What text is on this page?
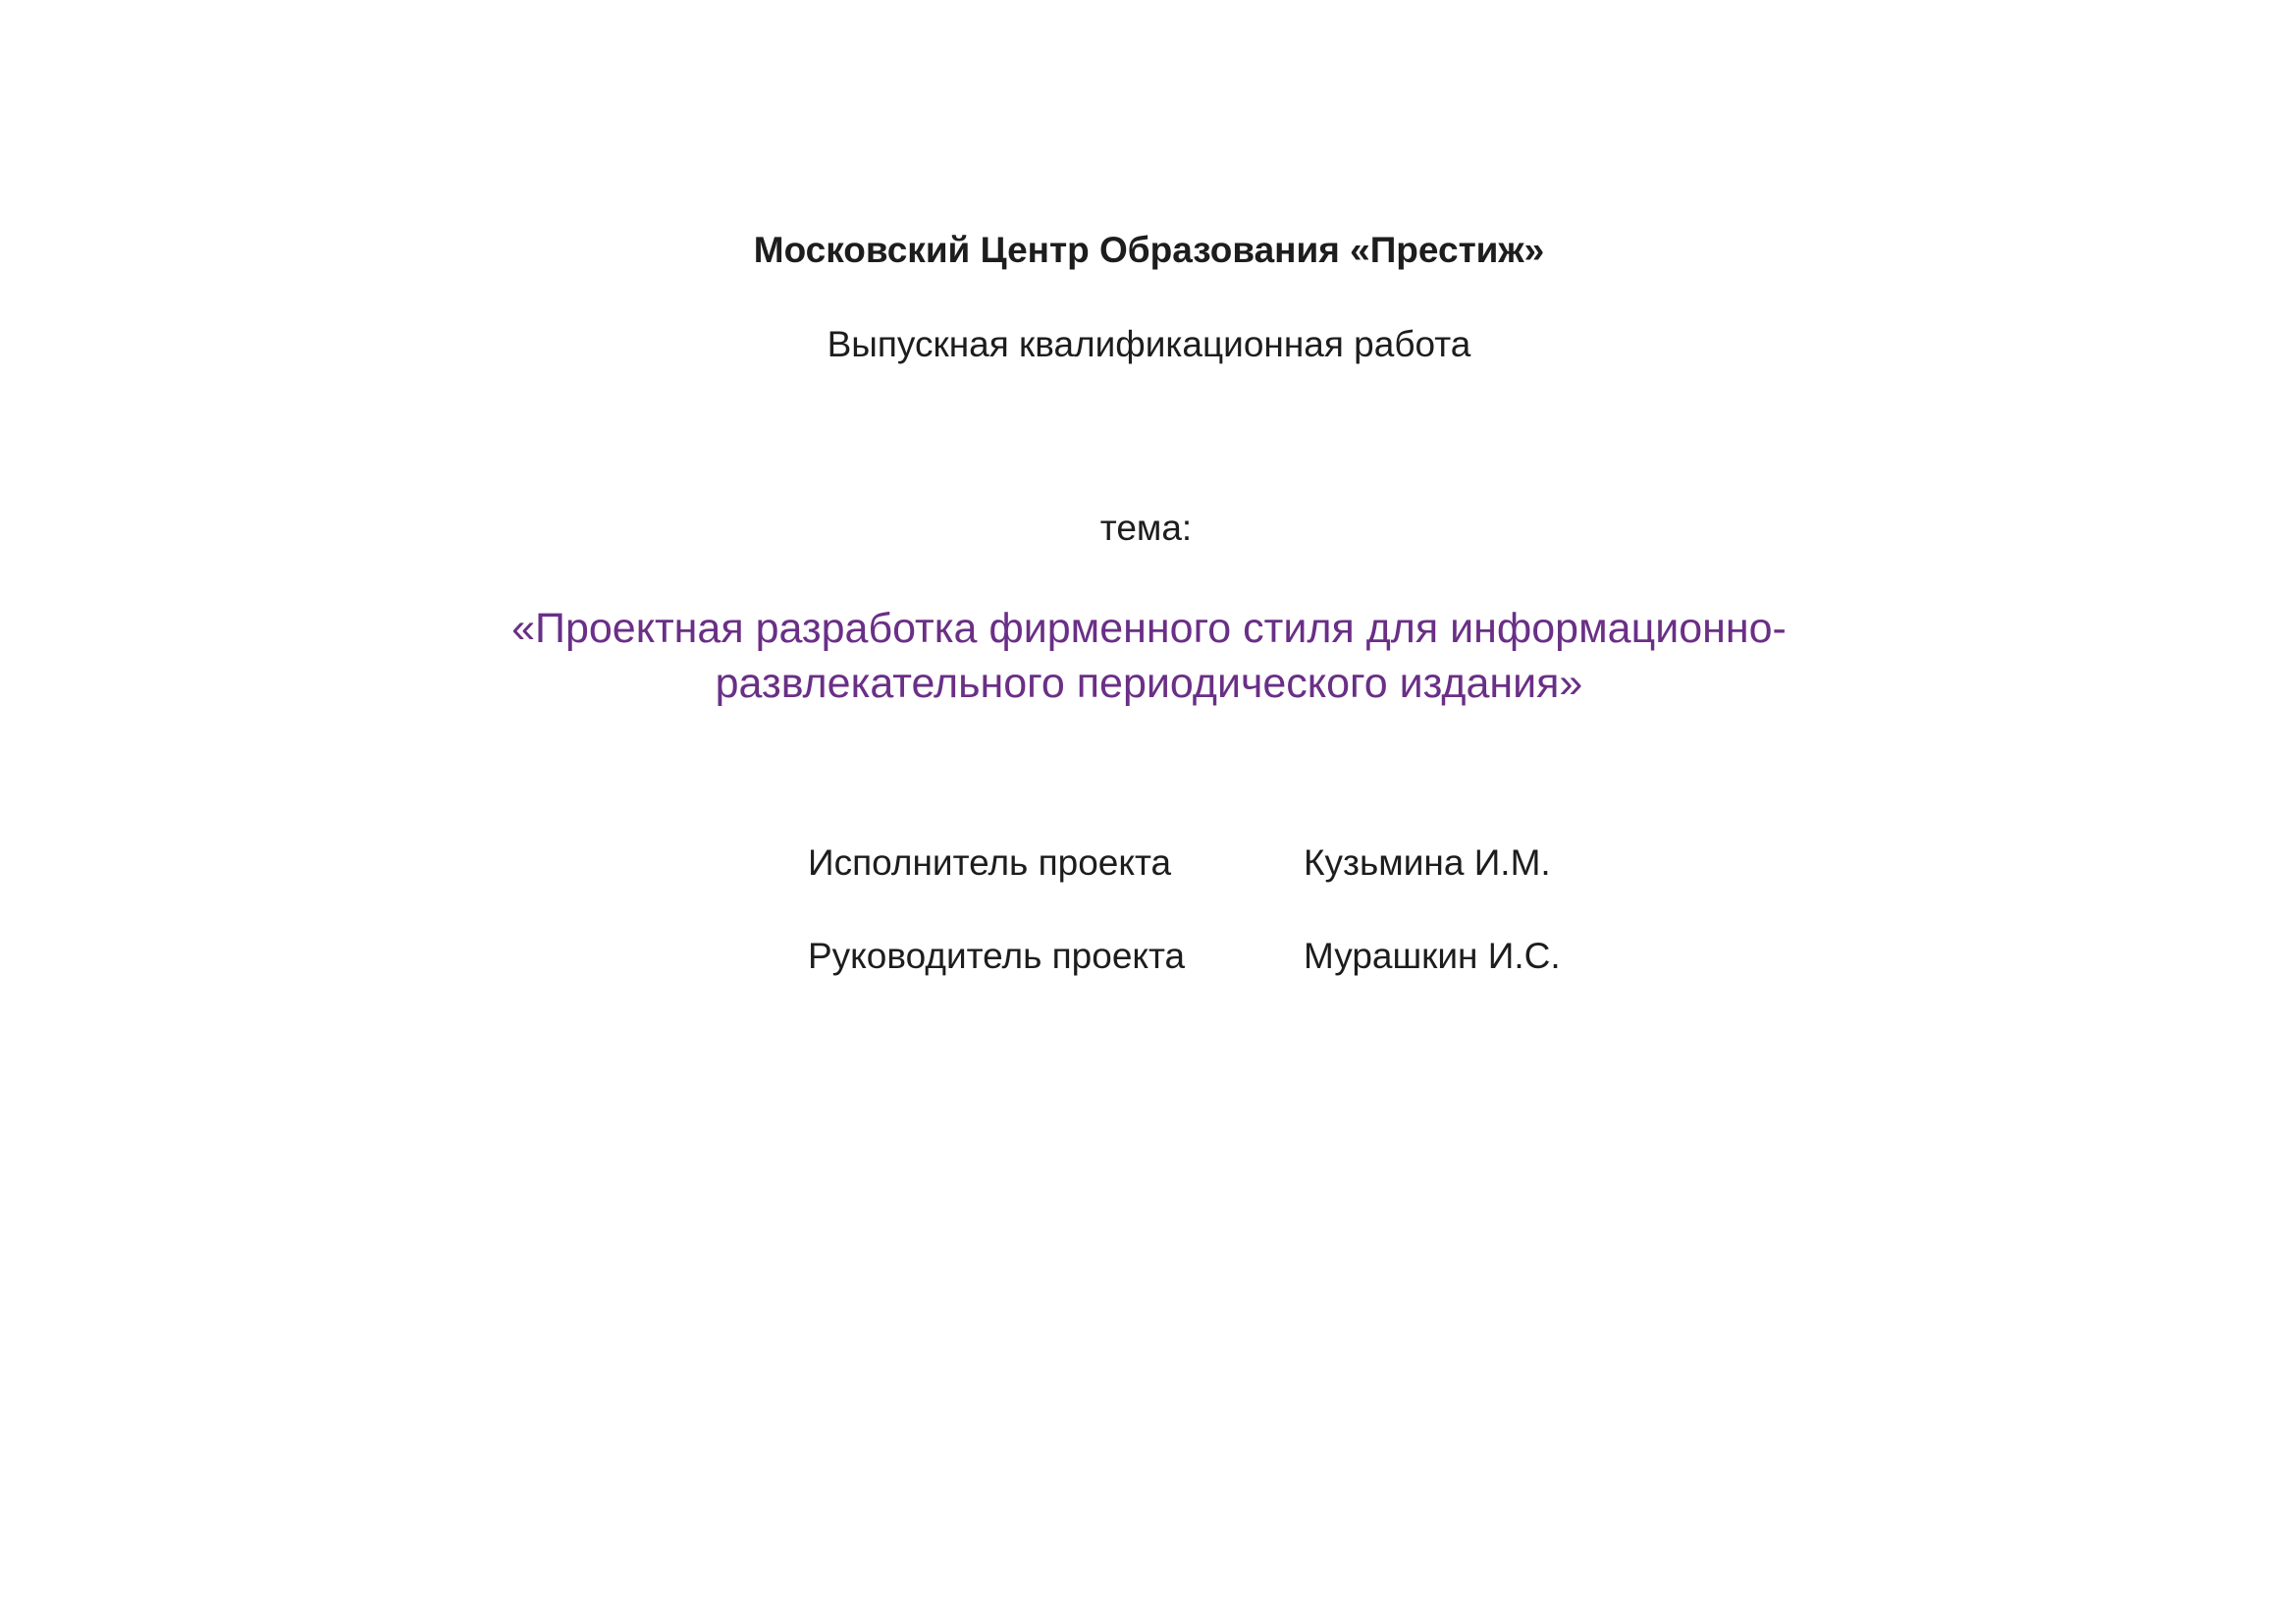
Московский Центр Образования «Престиж»
Выпускная квалификационная работа
тема:
«Проектная разработка фирменного стиля для информационно-
развлекательного периодического издания»
Исполнитель проекта	Кузьмина И.М.
Руководитель проекта	Мурашкин И.С.
